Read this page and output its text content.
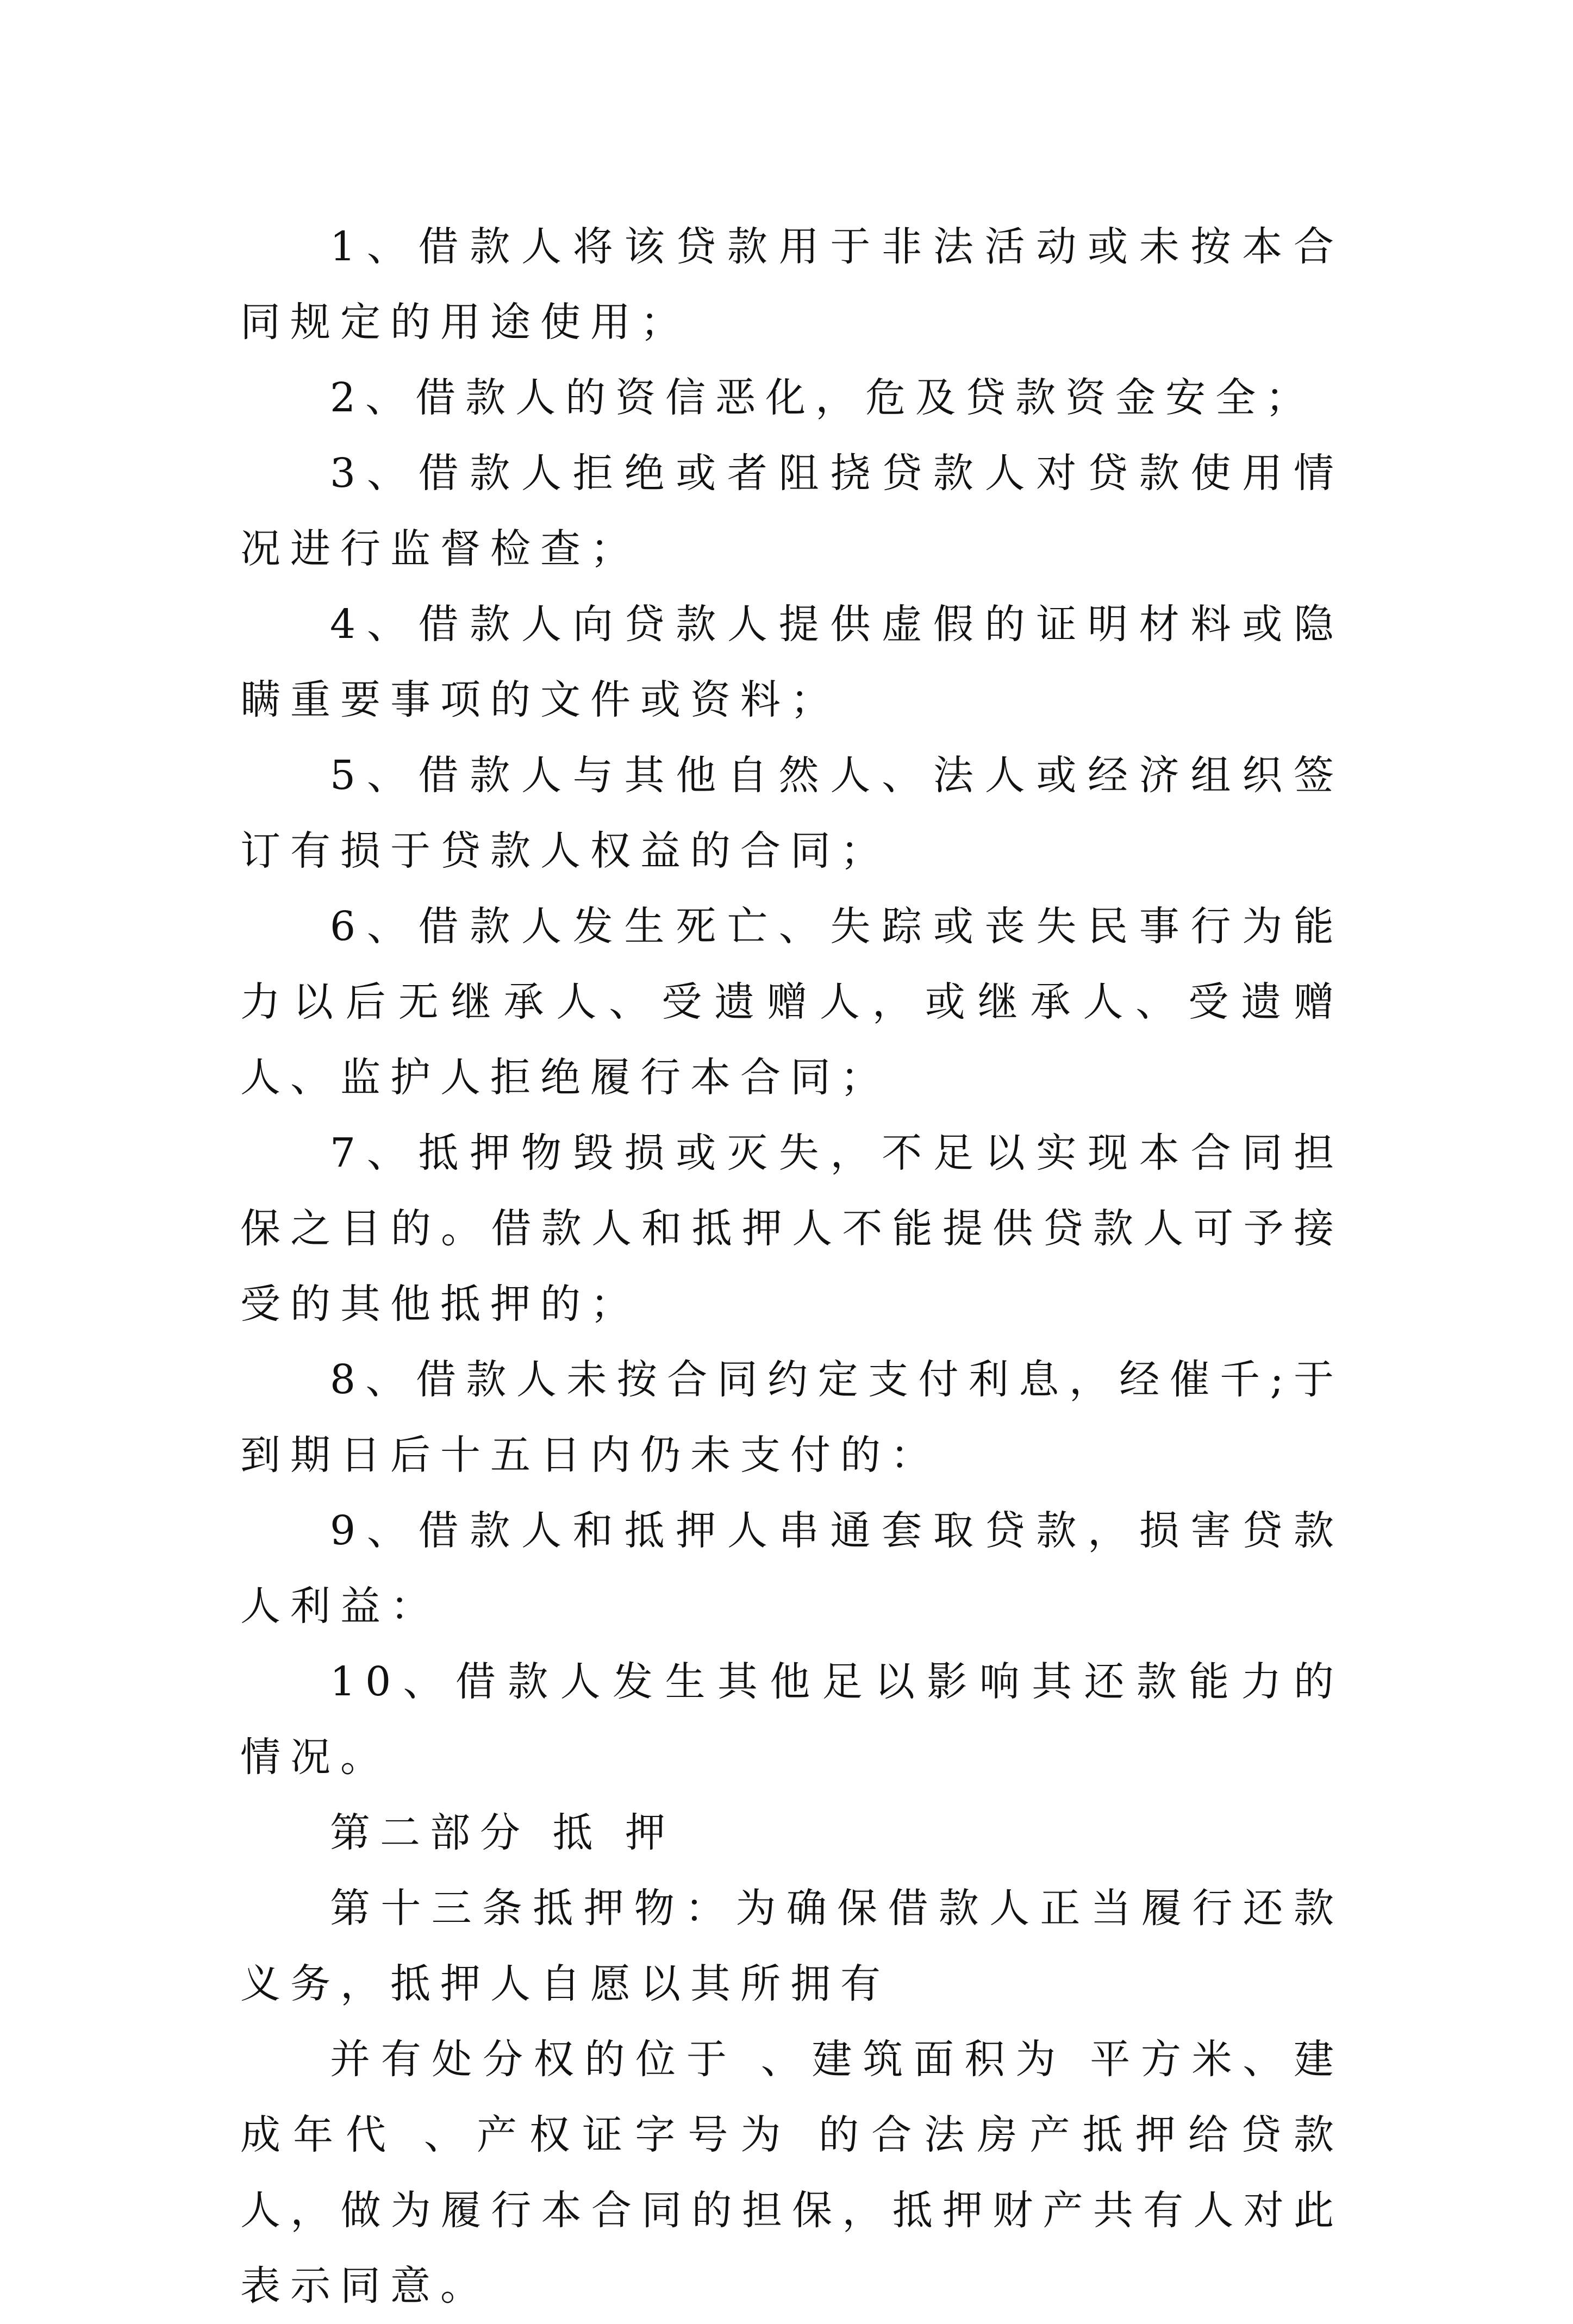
1、借款人将该贷款用于非法活动或未按本合同规定的用途使用；

2、借款人的资信恶化，危及贷款资金安全；

3、借款人拒绝或者阻挠贷款人对贷款使用情况进行监督检查；

4、借款人向贷款人提供虚假的证明材料或隐瞒重要事项的文件或资料；

5、借款人与其他自然人、法人或经济组织签订有损于贷款人权益的合同；

6、借款人发生死亡、失踪或丧失民事行为能力以后无继承人、受遗赠人，或继承人、受遗赠人、监护人拒绝履行本合同；

7、抵押物毁损或灭失，不足以实现本合同担保之目的。借款人和抵押人不能提供贷款人可予接受的其他抵押的；

8、借款人未按合同约定支付利息，经催千;于到期日后十五日内仍未支付的：

9、借款人和抵押人串通套取贷款，损害贷款人利益：

10、借款人发生其他足以影响其还款能力的情况。

第二部分 抵 押

第十三条抵押物：为确保借款人正当履行还款义务，抵押人自愿以其所拥有

并有处分权的位于 、建筑面积为 平方米、建成年代 、产权证字号为 的合法房产抵押给贷款人，做为履行本合同的担保，抵押财产共有人对此表示同意。
